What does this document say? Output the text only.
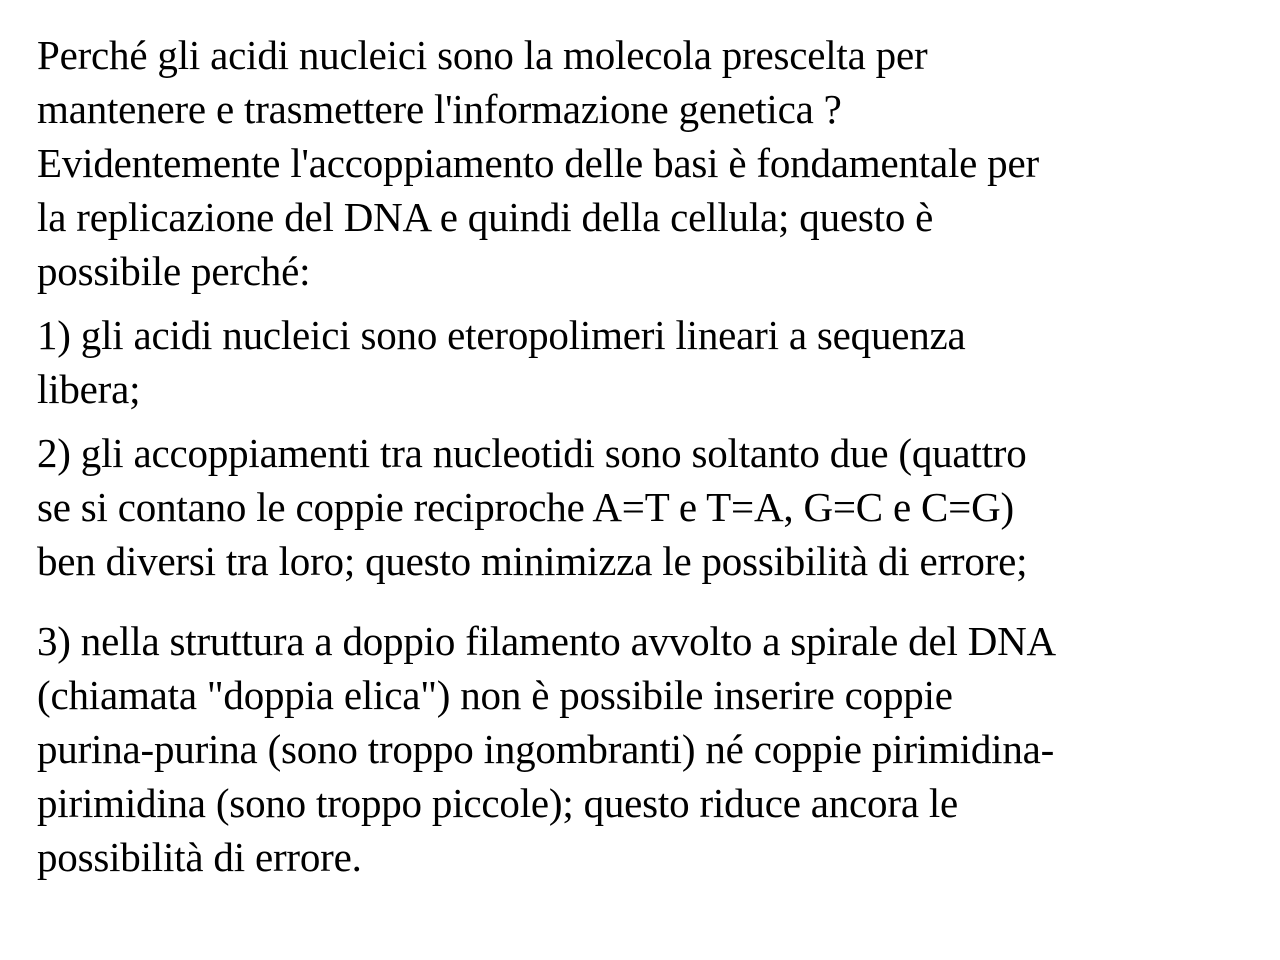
Perché gli acidi nucleici sono la molecola prescelta per
mantenere e trasmettere l'informazione genetica ?
Evidentemente l'accoppiamento delle basi è fondamentale per
la replicazione del DNA e quindi della cellula; questo è
possibile perché:

1) gli acidi nucleici sono eteropolimeri lineari a sequenza
libera;

2) gli accoppiamenti tra nucleotidi sono soltanto due (quattro
se si contano le coppie reciproche A=T e T=A, G=C e C=G)
ben diversi tra loro; questo minimizza le possibilità di errore;

3) nella struttura a doppio filamento avvolto a spirale del DNA
(chiamata "doppia elica") non è possibile inserire coppie
purina-purina (sono troppo ingombranti) né coppie pirimidina-
pirimidina (sono troppo piccole); questo riduce ancora le
possibilità di errore.
